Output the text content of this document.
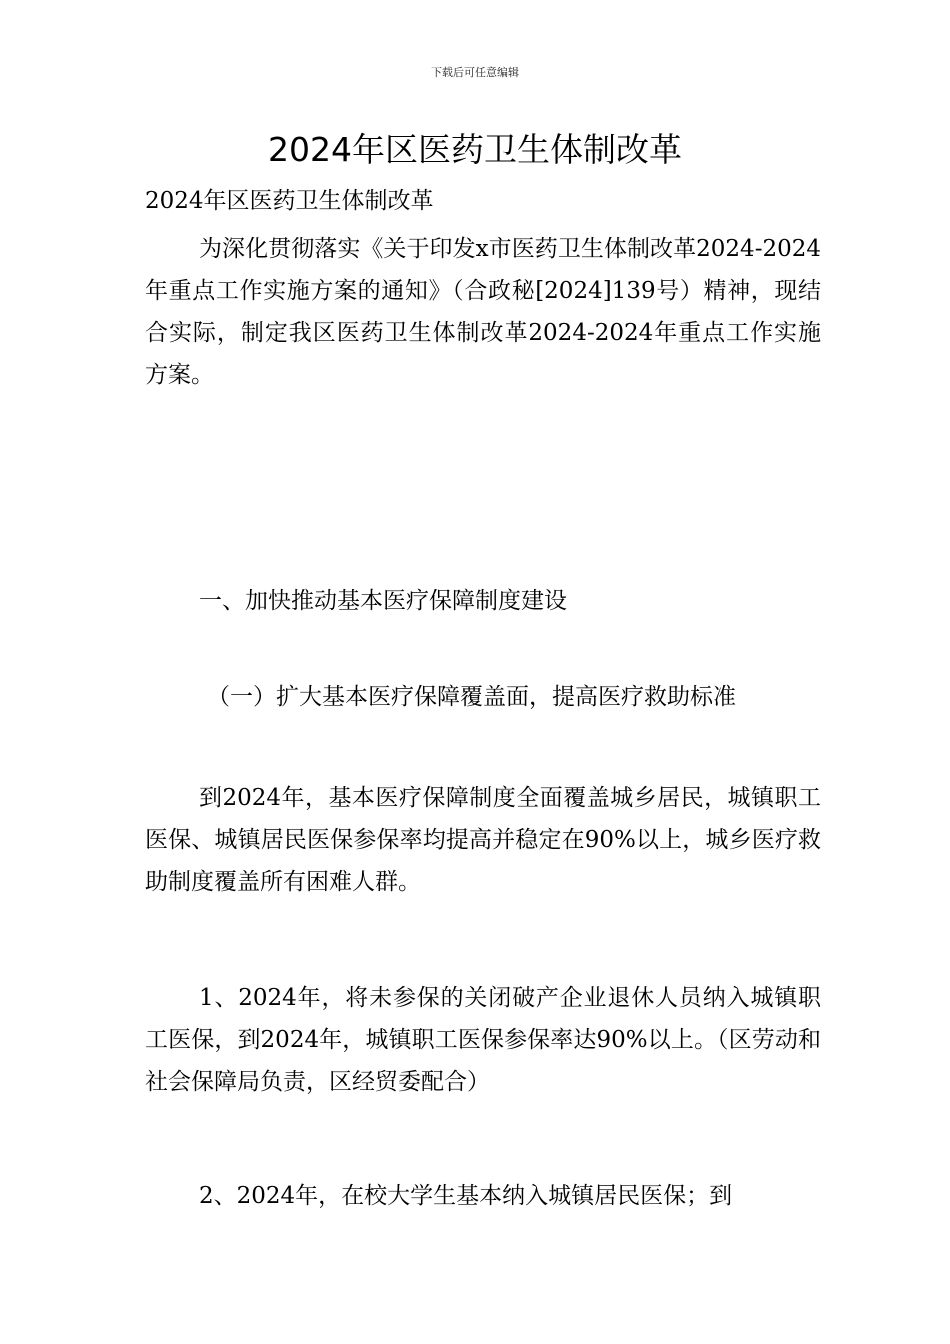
下载后可任意编辑
2024年区医药卫生体制改革

2024年区医药卫生体制改革

为深化贯彻落实《关于印发x市医药卫生体制改革2024-2024年重点工作实施方案的通知》（合政秘[2024]139号）精神，现结合实际，制定我区医药卫生体制改革2024-2024年重点工作实施方案。

一、加快推动基本医疗保障制度建设

（一）扩大基本医疗保障覆盖面，提高医疗救助标准

到2024年，基本医疗保障制度全面覆盖城乡居民，城镇职工医保、城镇居民医保参保率均提高并稳定在90%以上，城乡医疗救助制度覆盖所有困难人群。

1、2024年，将未参保的关闭破产企业退休人员纳入城镇职工医保，到2024年，城镇职工医保参保率达90%以上。（区劳动和社会保障局负责，区经贸委配合）

2、2024年，在校大学生基本纳入城镇居民医保；到
